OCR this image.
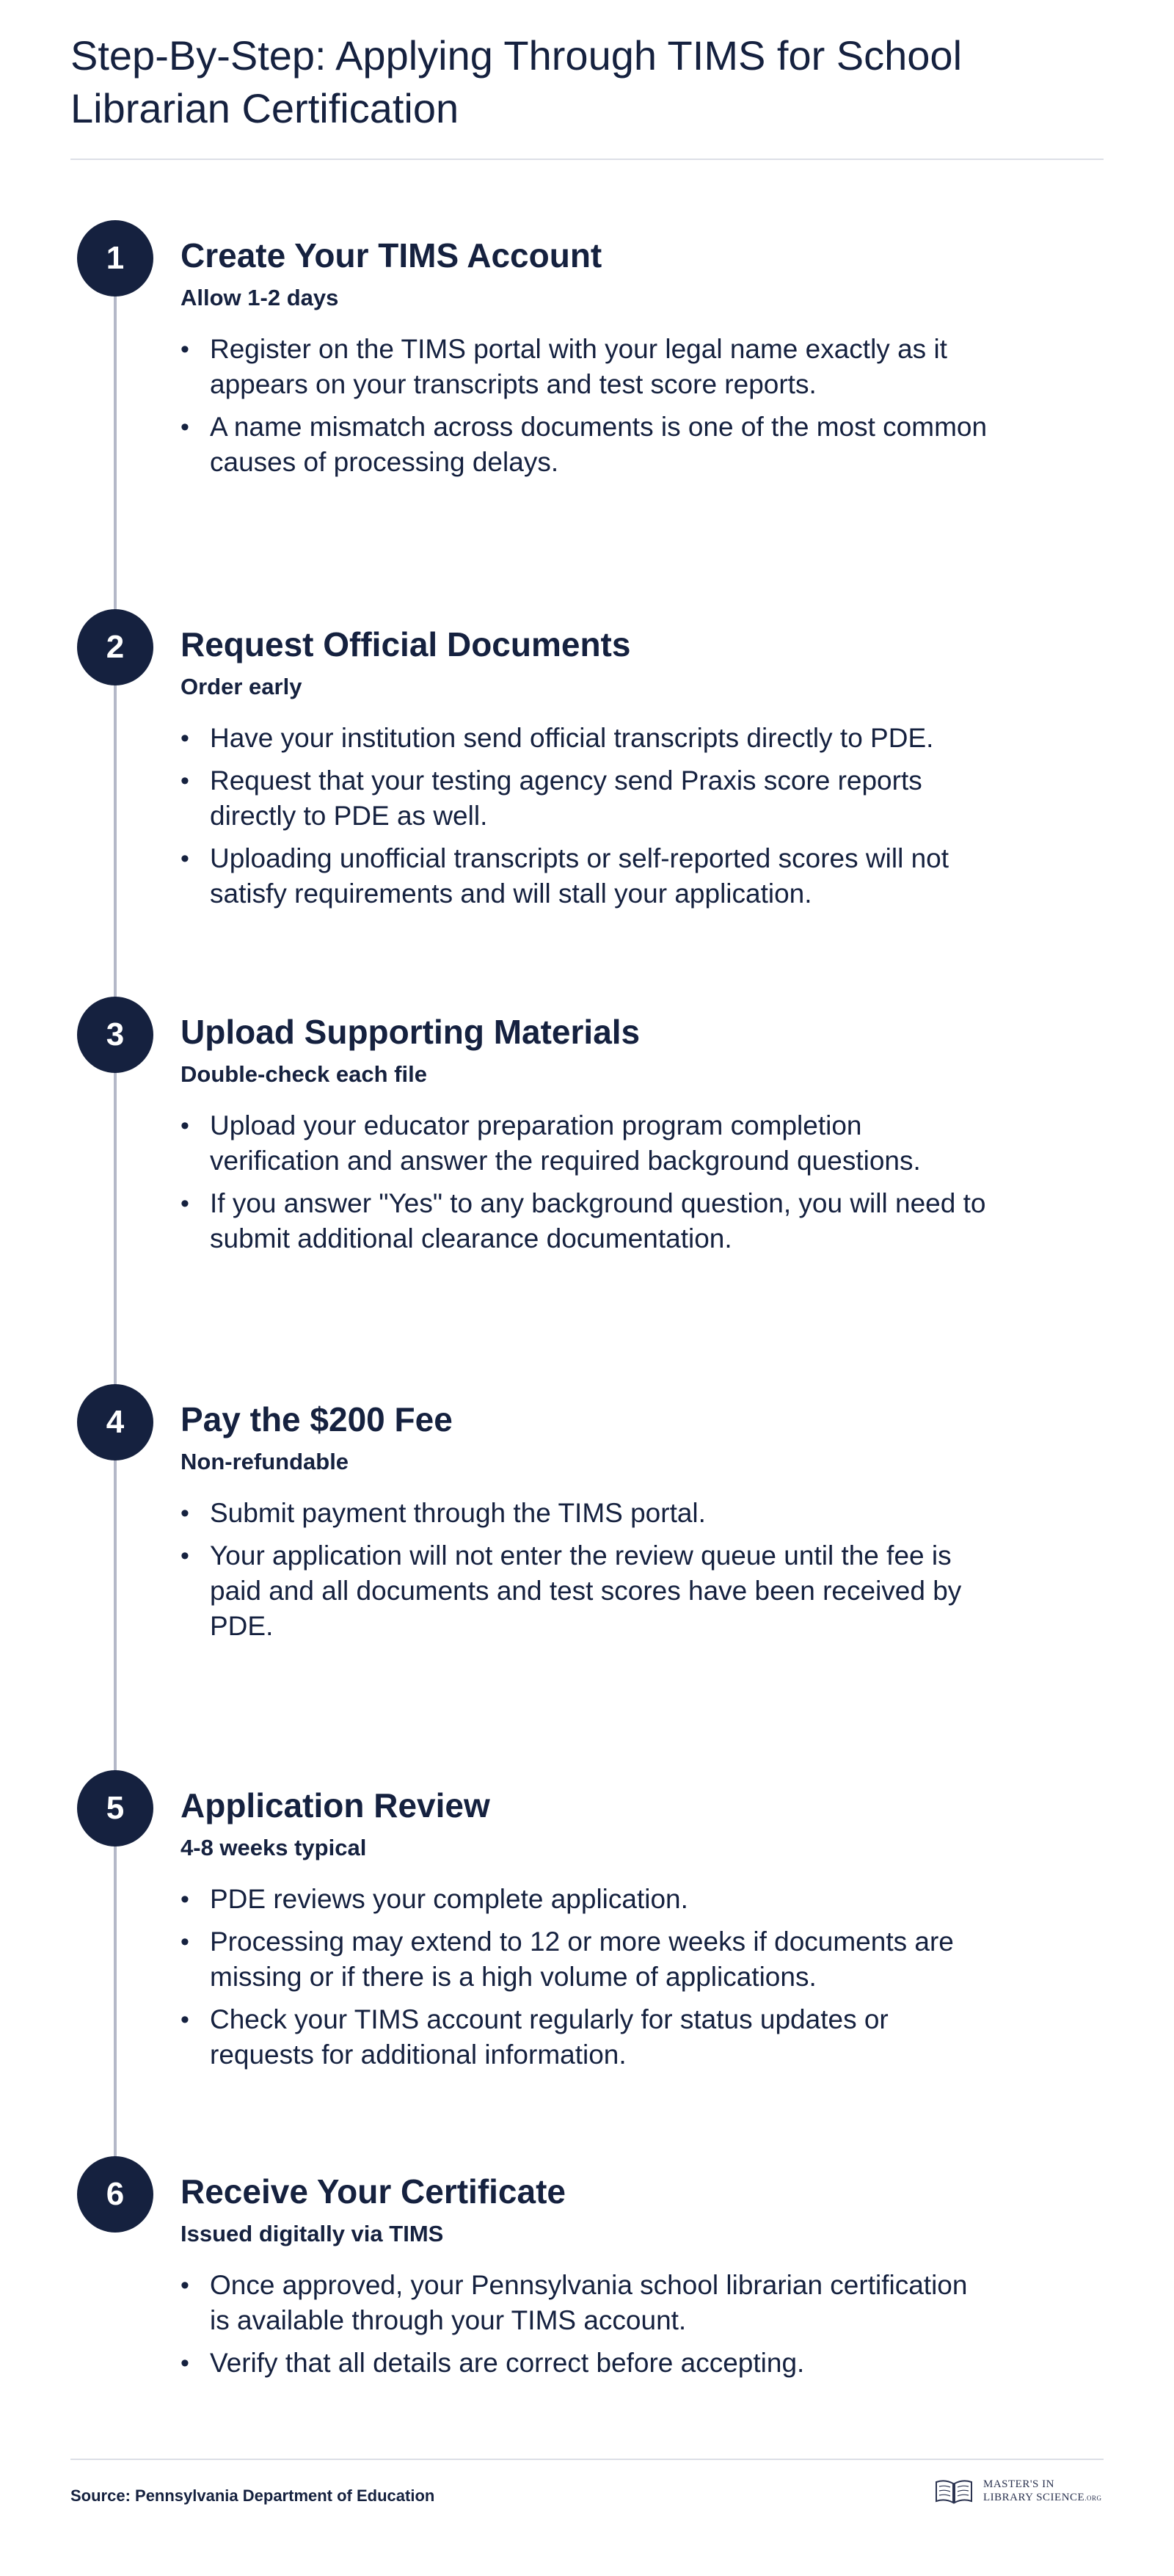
Step-By-Step: Applying Through TIMS for School Librarian Certification
1	Create Your TIMS Account
Allow 1-2 days
• Register on the TIMS portal with your legal name exactly as it appears on your transcripts and test score reports.
• A name mismatch across documents is one of the most common causes of processing delays.
2	Request Official Documents
Order early
• Have your institution send official transcripts directly to PDE.
• Request that your testing agency send Praxis score reports directly to PDE as well.
• Uploading unofficial transcripts or self-reported scores will not satisfy requirements and will stall your application.
3	Upload Supporting Materials
Double-check each file
• Upload your educator preparation program completion verification and answer the required background questions.
• If you answer "Yes" to any background question, you will need to submit additional clearance documentation.
4	Pay the $200 Fee
Non-refundable
• Submit payment through the TIMS portal.
• Your application will not enter the review queue until the fee is paid and all documents and test scores have been received by PDE.
5	Application Review
4-8 weeks typical
• PDE reviews your complete application.
• Processing may extend to 12 or more weeks if documents are missing or if there is a high volume of applications.
• Check your TIMS account regularly for status updates or requests for additional information.
6	Receive Your Certificate
Issued digitally via TIMS
• Once approved, your Pennsylvania school librarian certification is available through your TIMS account.
• Verify that all details are correct before accepting.
Source: Pennsylvania Department of Education
MASTER'S IN
LIBRARY SCIENCE.ORG
